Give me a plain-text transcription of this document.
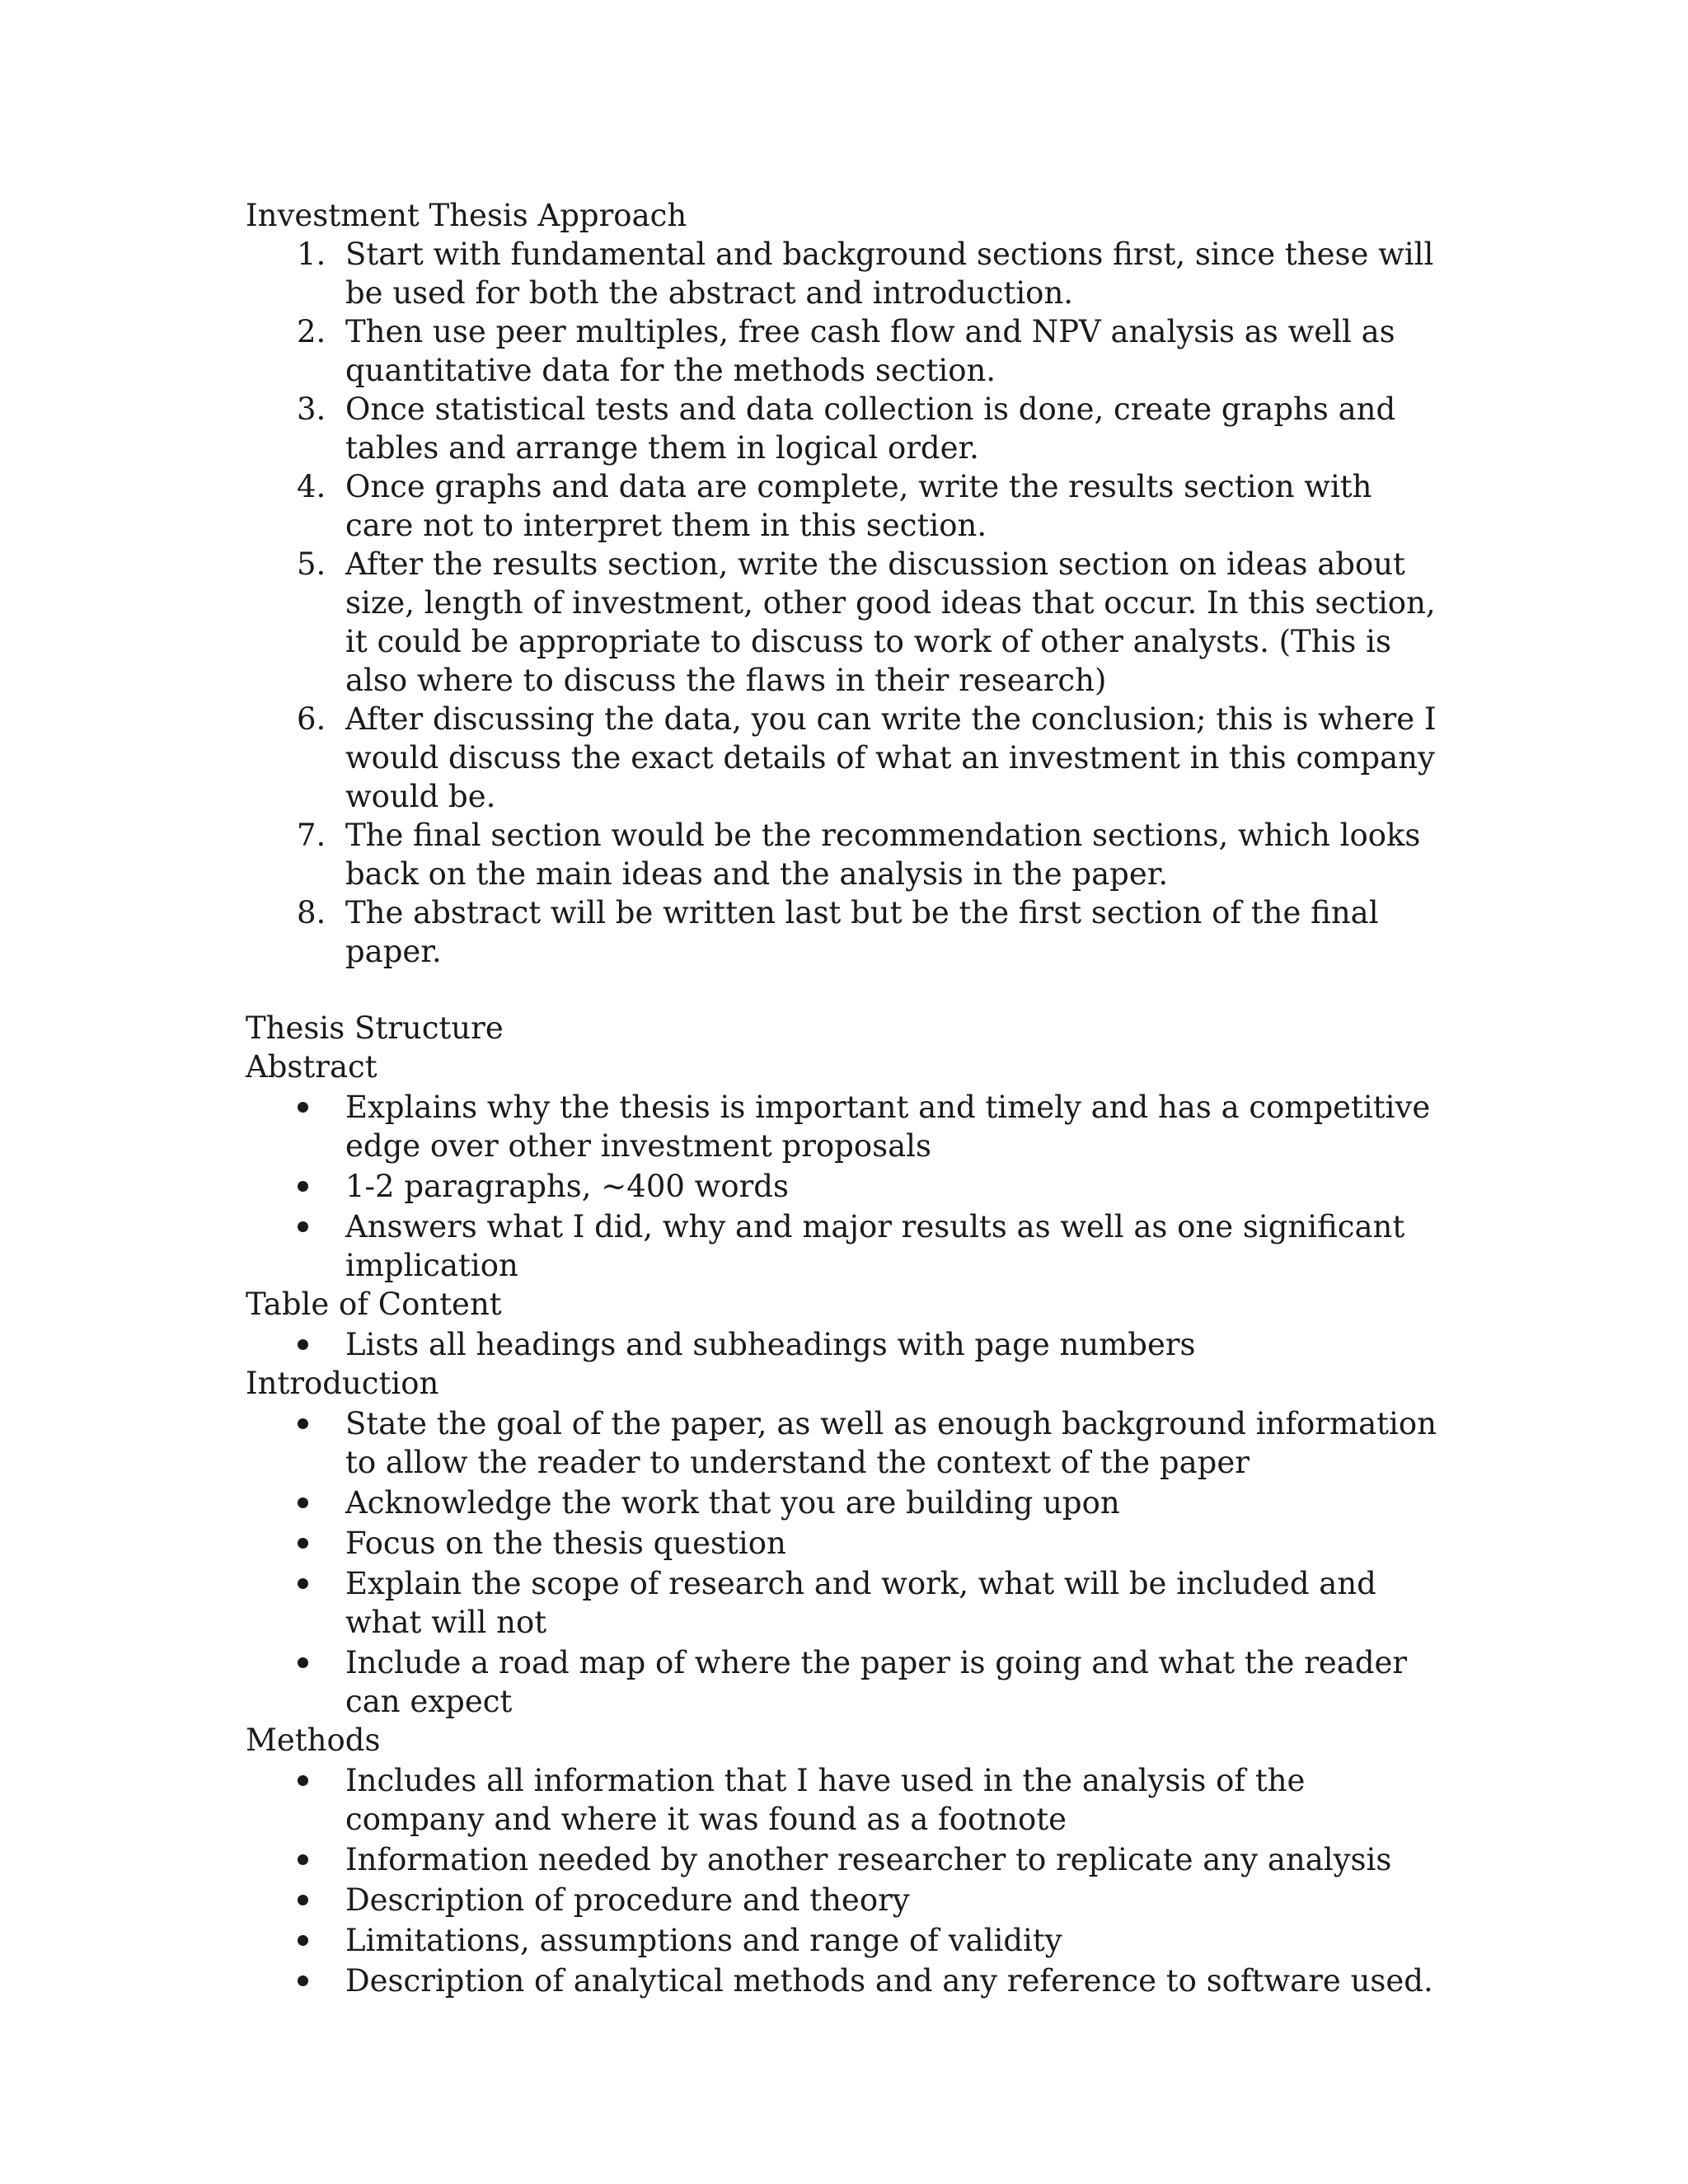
Investment Thesis Approach

1. Start with fundamental and background sections first, since these will be used for both the abstract and introduction.
2. Then use peer multiples, free cash flow and NPV analysis as well as quantitative data for the methods section.
3. Once statistical tests and data collection is done, create graphs and tables and arrange them in logical order.
4. Once graphs and data are complete, write the results section with care not to interpret them in this section.
5. After the results section, write the discussion section on ideas about size, length of investment, other good ideas that occur. In this section, it could be appropriate to discuss to work of other analysts. (This is also where to discuss the flaws in their research)
6. After discussing the data, you can write the conclusion; this is where I would discuss the exact details of what an investment in this company would be.
7. The final section would be the recommendation sections, which looks back on the main ideas and the analysis in the paper.
8. The abstract will be written last but be the first section of the final paper.

Thesis Structure

Abstract

Explains why the thesis is important and timely and has a competitive edge over other investment proposals
1-2 paragraphs, ~400 words
Answers what I did, why and major results as well as one significant implication

Table of Content

Lists all headings and subheadings with page numbers

Introduction

State the goal of the paper, as well as enough background information to allow the reader to understand the context of the paper
Acknowledge the work that you are building upon
Focus on the thesis question
Explain the scope of research and work, what will be included and what will not
Include a road map of where the paper is going and what the reader can expect

Methods

Includes all information that I have used in the analysis of the company and where it was found as a footnote
Information needed by another researcher to replicate any analysis
Description of procedure and theory
Limitations, assumptions and range of validity
Description of analytical methods and any reference to software used.
